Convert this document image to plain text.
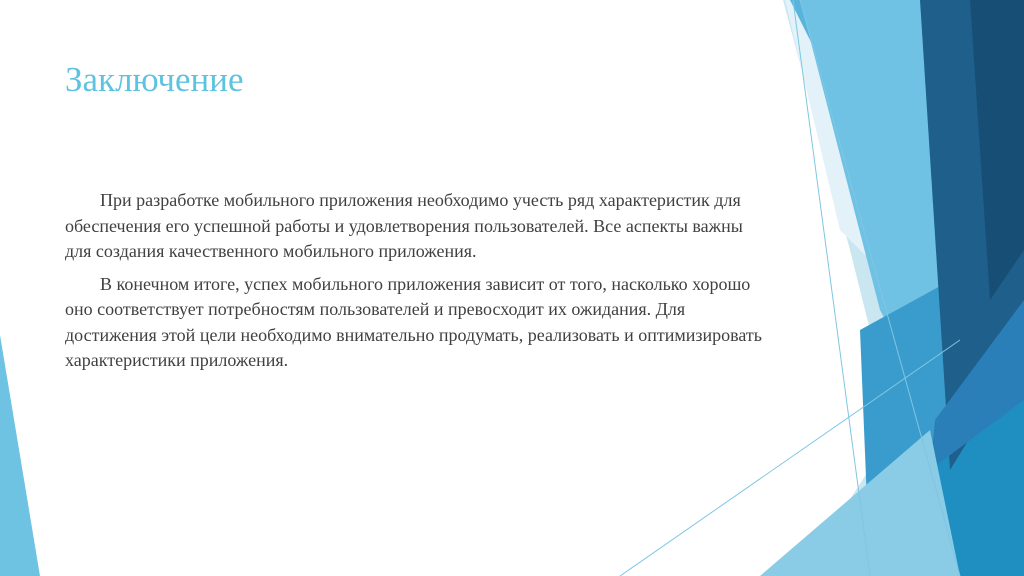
Заключение

При разработке мобильного приложения необходимо учесть ряд характеристик для обеспечения его успешной работы и удовлетворения пользователей. Все аспекты важны для создания качественного мобильного приложения.

В конечном итоге, успех мобильного приложения зависит от того, насколько хорошо оно соответствует потребностям пользователей и превосходит их ожидания. Для достижения этой цели необходимо внимательно продумать, реализовать и оптимизировать характеристики приложения.
